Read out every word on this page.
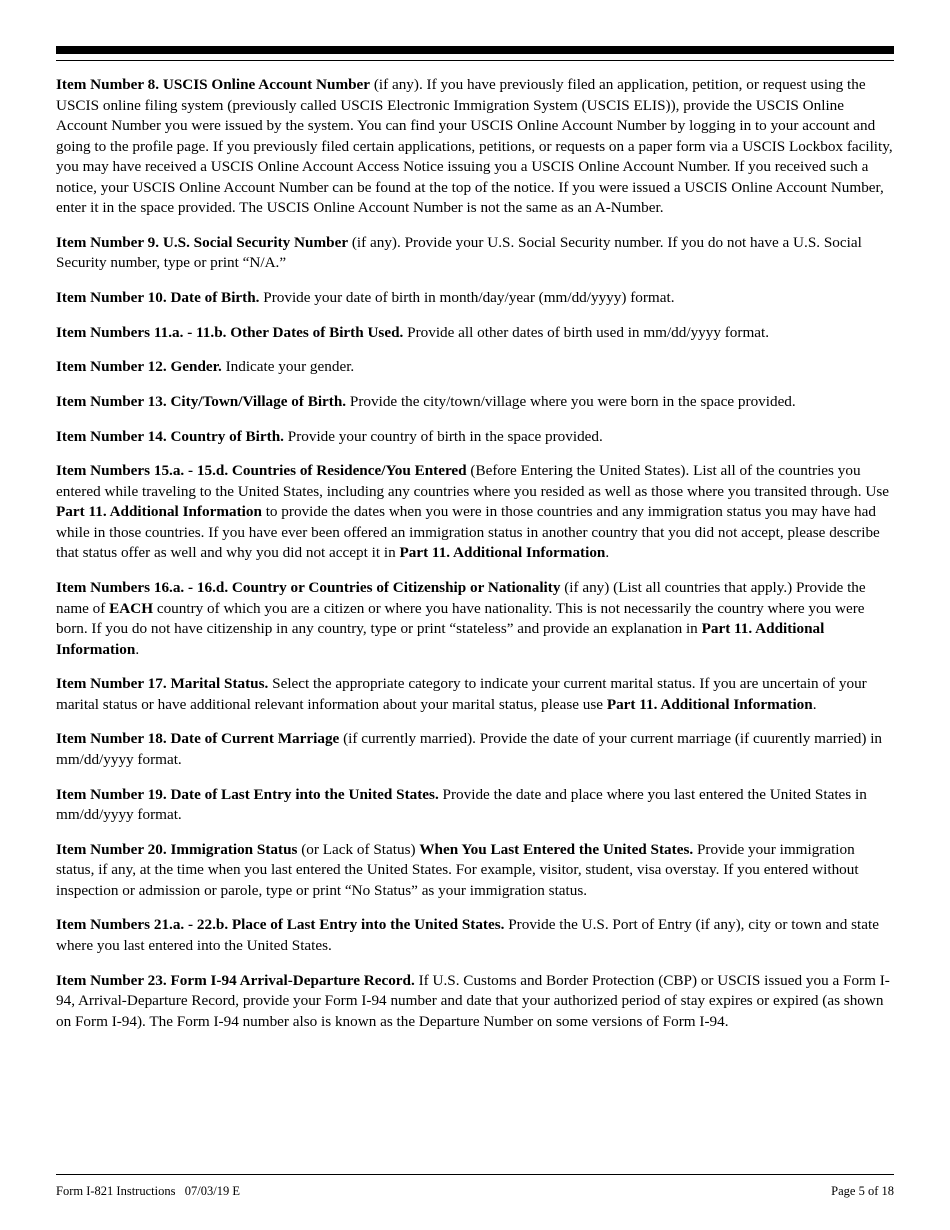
Item Number 8. USCIS Online Account Number (if any). If you have previously filed an application, petition, or request using the USCIS online filing system (previously called USCIS Electronic Immigration System (USCIS ELIS)), provide the USCIS Online Account Number you were issued by the system. You can find your USCIS Online Account Number by logging in to your account and going to the profile page. If you previously filed certain applications, petitions, or requests on a paper form via a USCIS Lockbox facility, you may have received a USCIS Online Account Access Notice issuing you a USCIS Online Account Number. If you received such a notice, your USCIS Online Account Number can be found at the top of the notice. If you were issued a USCIS Online Account Number, enter it in the space provided. The USCIS Online Account Number is not the same as an A-Number.

Item Number 9. U.S. Social Security Number (if any). Provide your U.S. Social Security number. If you do not have a U.S. Social Security number, type or print “N/A.”

Item Number 10. Date of Birth. Provide your date of birth in month/day/year (mm/dd/yyyy) format.

Item Numbers 11.a. - 11.b. Other Dates of Birth Used. Provide all other dates of birth used in mm/dd/yyyy format.

Item Number 12. Gender. Indicate your gender.

Item Number 13. City/Town/Village of Birth. Provide the city/town/village where you were born in the space provided.

Item Number 14. Country of Birth. Provide your country of birth in the space provided.

Item Numbers 15.a. - 15.d. Countries of Residence/You Entered (Before Entering the United States). List all of the countries you entered while traveling to the United States, including any countries where you resided as well as those where you transited through. Use Part 11. Additional Information to provide the dates when you were in those countries and any immigration status you may have had while in those countries. If you have ever been offered an immigration status in another country that you did not accept, please describe that status offer as well and why you did not accept it in Part 11. Additional Information.

Item Numbers 16.a. - 16.d. Country or Countries of Citizenship or Nationality (if any) (List all countries that apply.) Provide the name of EACH country of which you are a citizen or where you have nationality. This is not necessarily the country where you were born. If you do not have citizenship in any country, type or print “stateless” and provide an explanation in Part 11. Additional Information.

Item Number 17. Marital Status. Select the appropriate category to indicate your current marital status. If you are uncertain of your marital status or have additional relevant information about your marital status, please use Part 11. Additional Information.

Item Number 18. Date of Current Marriage (if currently married). Provide the date of your current marriage (if cuurently married) in mm/dd/yyyy format.

Item Number 19. Date of Last Entry into the United States. Provide the date and place where you last entered the United States in mm/dd/yyyy format.

Item Number 20. Immigration Status (or Lack of Status) When You Last Entered the United States. Provide your immigration status, if any, at the time when you last entered the United States. For example, visitor, student, visa overstay. If you entered without inspection or admission or parole, type or print “No Status” as your immigration status.

Item Numbers 21.a. - 22.b. Place of Last Entry into the United States. Provide the U.S. Port of Entry (if any), city or town and state where you last entered into the United States.

Item Number 23. Form I-94 Arrival-Departure Record. If U.S. Customs and Border Protection (CBP) or USCIS issued you a Form I-94, Arrival-Departure Record, provide your Form I-94 number and date that your authorized period of stay expires or expired (as shown on Form I-94). The Form I-94 number also is known as the Departure Number on some versions of Form I-94.

Form I-821 Instructions   07/03/19 E	Page 5 of 18
